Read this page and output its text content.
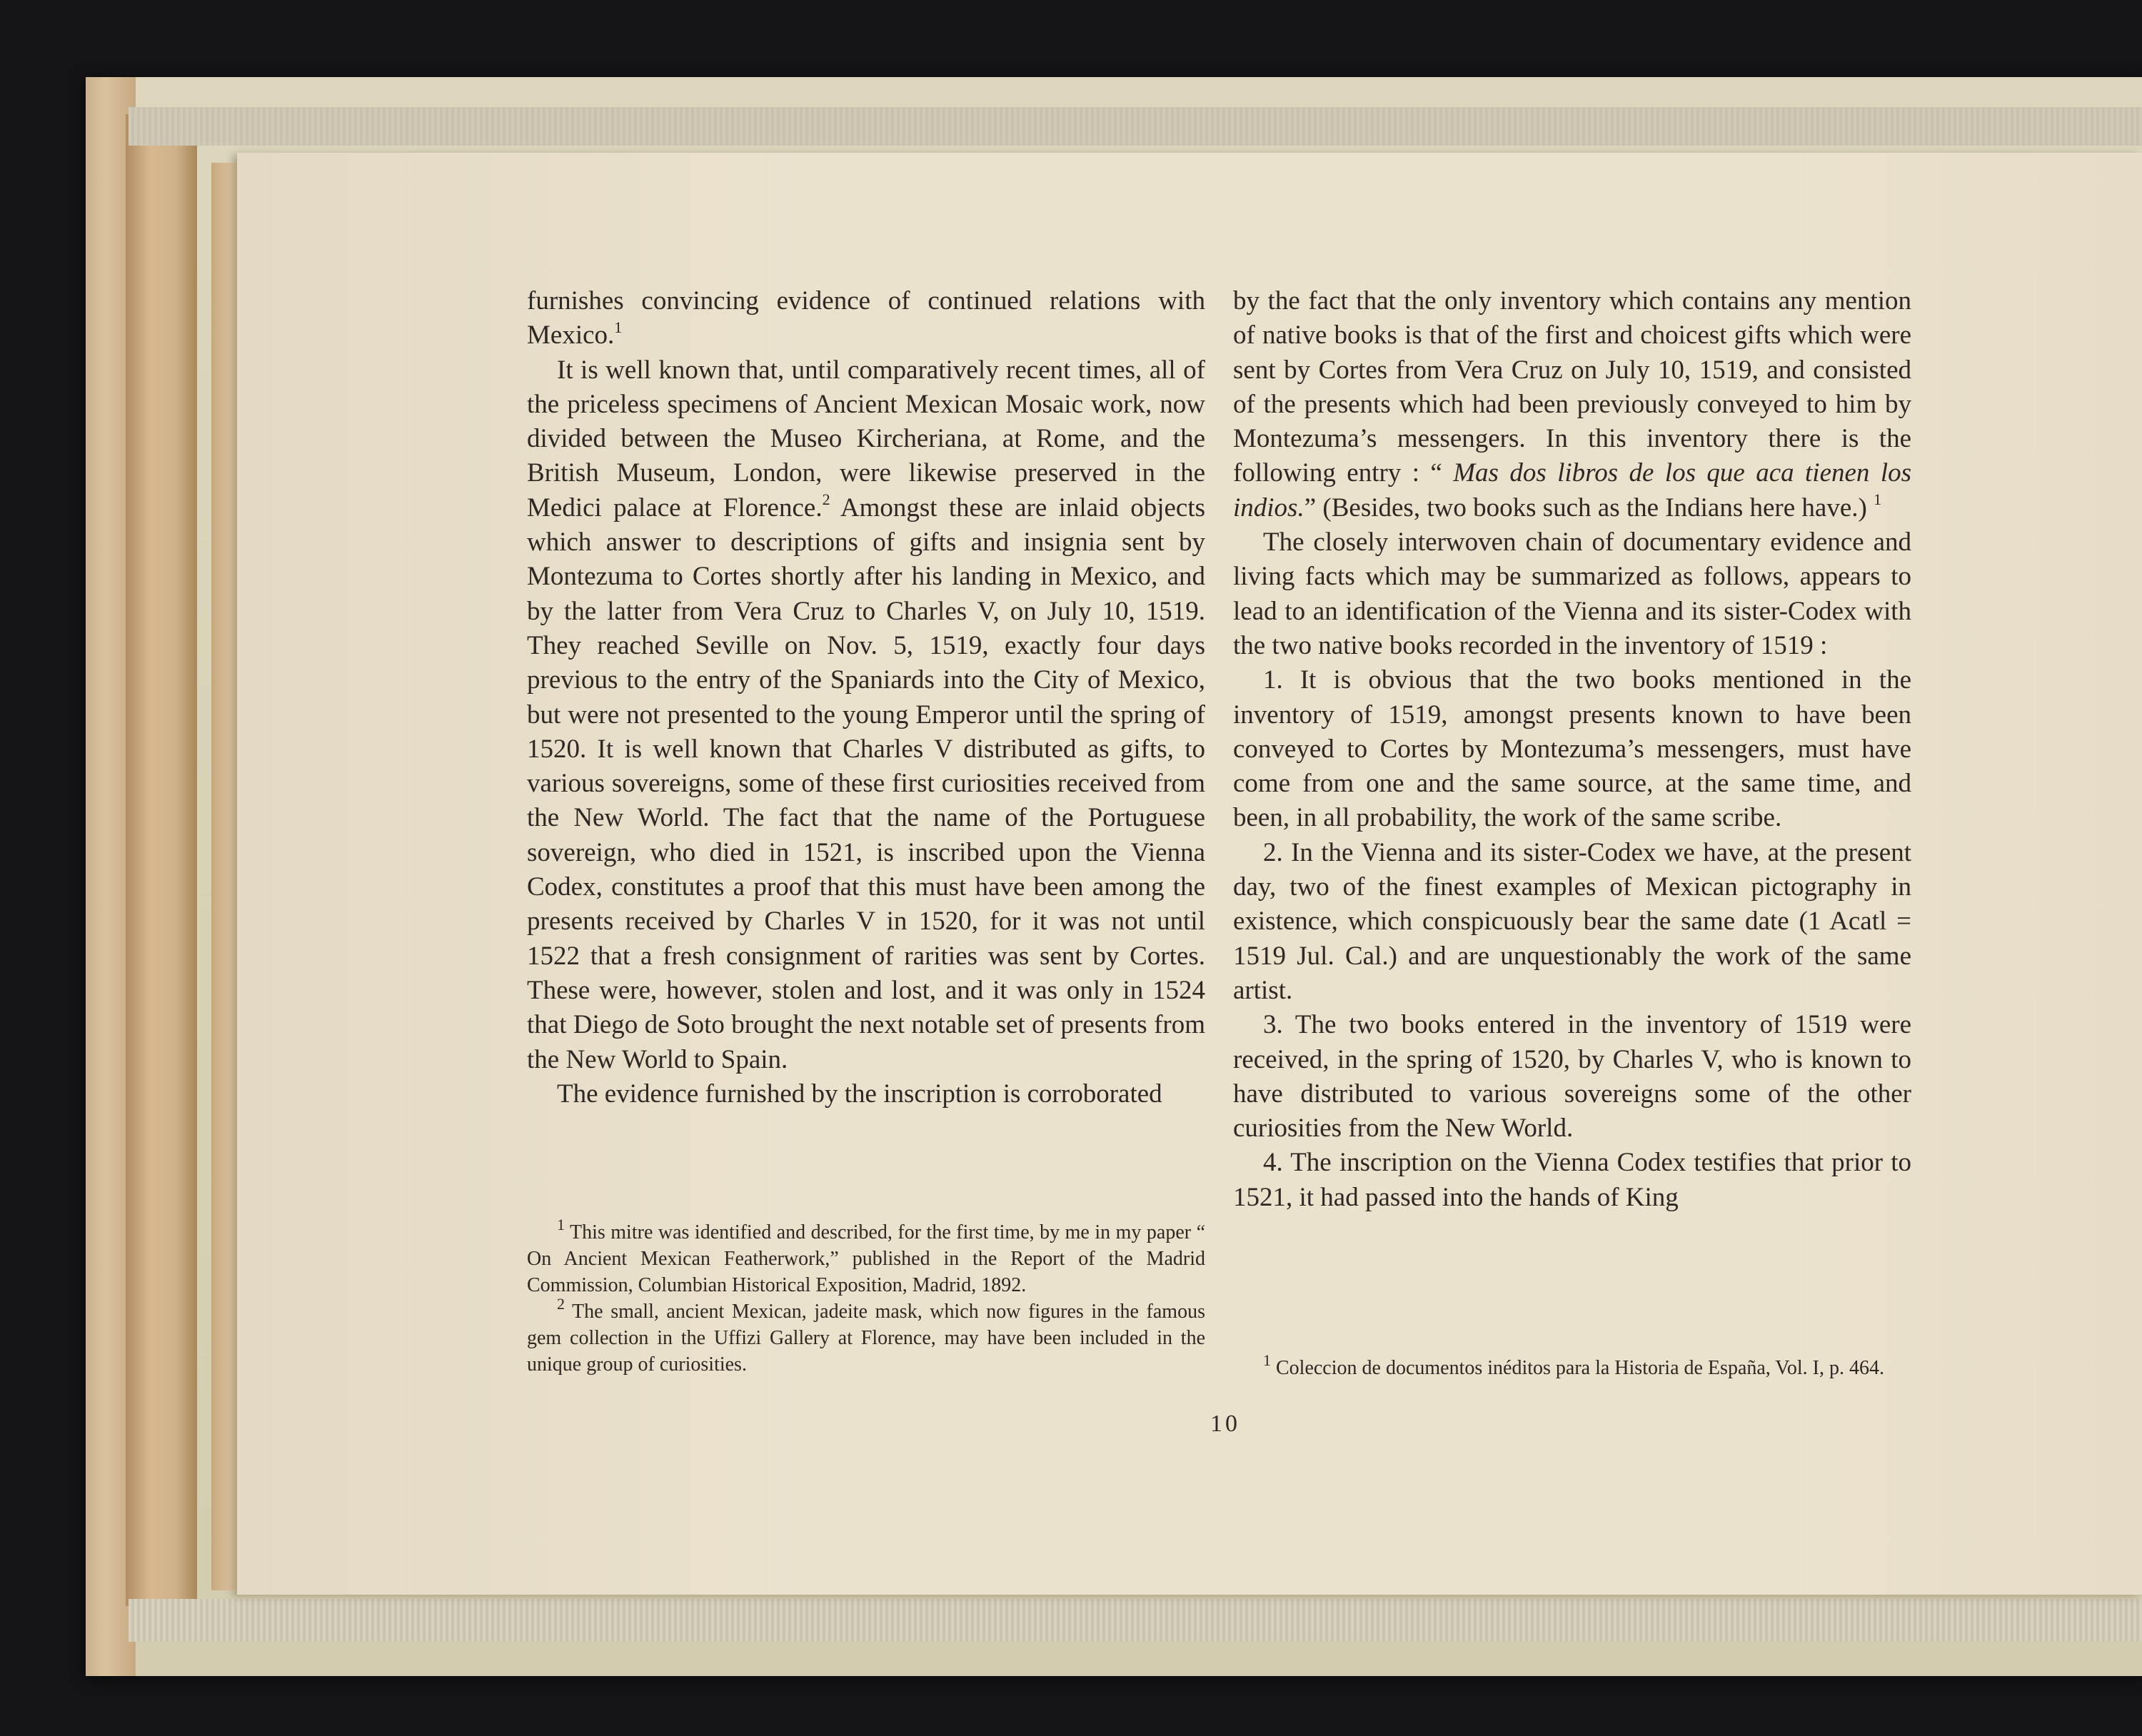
furnishes convincing evidence of continued relations with Mexico.$^1$

It is well known that, until comparatively recent times, all of the priceless specimens of Ancient Mexican Mosaic work, now divided between the Museo Kircheriana, at Rome, and the British Museum, London, were likewise preserved in the Medici palace at Florence.$^2$ Amongst these are inlaid objects which answer to descriptions of gifts and insignia sent by Montezuma to Cortes shortly after his landing in Mexico, and by the latter from Vera Cruz to Charles V, on July 10, 1519. They reached Seville on Nov. 5, 1519, exactly four days previous to the entry of the Spaniards into the City of Mexico, but were not presented to the young Emperor until the spring of 1520. It is well known that Charles V distributed as gifts, to various sovereigns, some of these first curiosities received from the New World. The fact that the name of the Portuguese sovereign, who died in 1521, is inscribed upon the Vienna Codex, constitutes a proof that this must have been among the presents received by Charles V in 1520, for it was not until 1522 that a fresh consignment of rarities was sent by Cortes. These were, however, stolen and lost, and it was only in 1524 that Diego de Soto brought the next notable set of presents from the New World to Spain.

The evidence furnished by the inscription is corroborated

$^1$ This mitre was identified and described, for the first time, by me in my paper “ On Ancient Mexican Featherwork,” published in the Report of the Madrid Commission, Columbian Historical Exposition, Madrid, 1892.

$^2$ The small, ancient Mexican, jadeite mask, which now figures in the famous gem collection in the Uffizi Gallery at Florence, may have been included in the unique group of curiosities.

by the fact that the only inventory which contains any mention of native books is that of the first and choicest gifts which were sent by Cortes from Vera Cruz on July 10, 1519, and consisted of the presents which had been previously conveyed to him by Montezuma’s messengers. In this inventory there is the following entry : “ Mas dos libros de los que aca tienen los indios.” (Besides, two books such as the Indians here have.) $^1$

The closely interwoven chain of documentary evidence and living facts which may be summarized as follows, appears to lead to an identification of the Vienna and its sister-Codex with the two native books recorded in the inventory of 1519 :

1. It is obvious that the two books mentioned in the inventory of 1519, amongst presents known to have been conveyed to Cortes by Montezuma’s messengers, must have come from one and the same source, at the same time, and been, in all probability, the work of the same scribe.

2. In the Vienna and its sister-Codex we have, at the present day, two of the finest examples of Mexican pictography in existence, which conspicuously bear the same date (1 Acatl = 1519 Jul. Cal.) and are unquestionably the work of the same artist.

3. The two books entered in the inventory of 1519 were received, in the spring of 1520, by Charles V, who is known to have distributed to various sovereigns some of the other curiosities from the New World.

4. The inscription on the Vienna Codex testifies that prior to 1521, it had passed into the hands of King

$^1$ Coleccion de documentos inéditos para la Historia de España, Vol. I, p. 464.

10
